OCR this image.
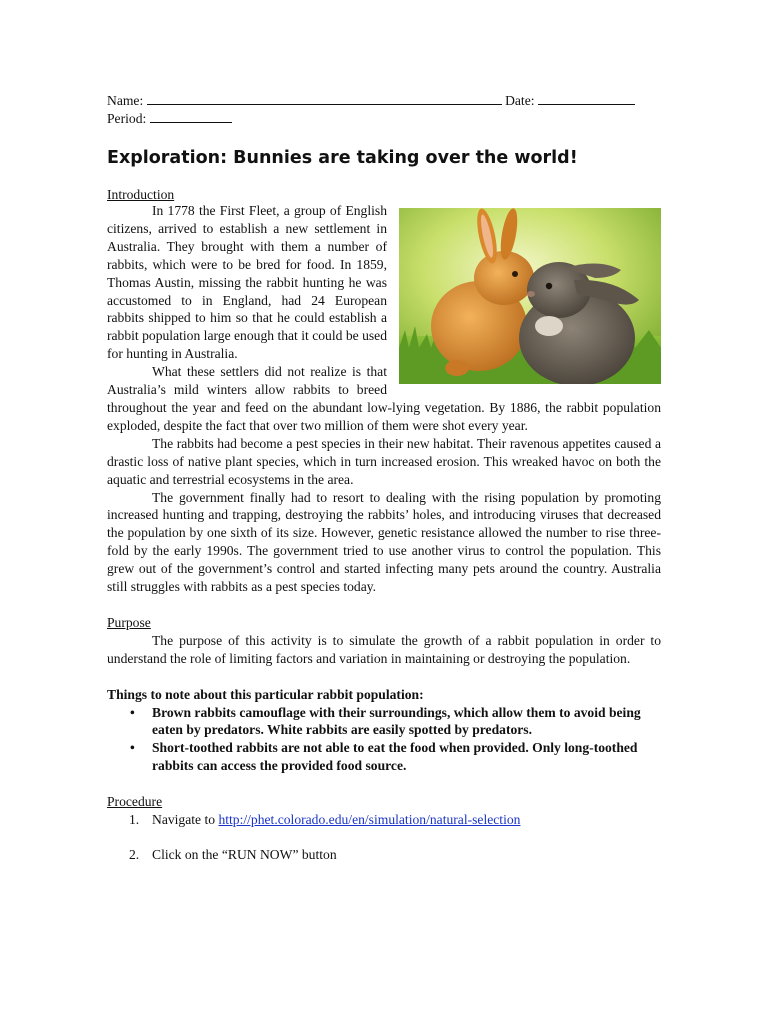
Name:	Date:
Period:
Exploration: Bunnies are taking over the world!
Introduction

In 1778 the First Fleet, a group of English citizens, arrived to establish a new settlement in Australia. They brought with them a number of rabbits, which were to be bred for food. In 1859, Thomas Austin, missing the rabbit hunting he was accustomed to in England, had 24 European rabbits shipped to him so that he could establish a rabbit population large enough that it could be used for hunting in Australia.

What these settlers did not realize is that Australia’s mild winters allow rabbits to breed throughout the year and feed on the abundant low-lying vegetation. By 1886, the rabbit population exploded, despite the fact that over two million of them were shot every year.

The rabbits had become a pest species in their new habitat. Their ravenous appetites caused a drastic loss of native plant species, which in turn increased erosion. This wreaked havoc on both the aquatic and terrestrial ecosystems in the area.

The government finally had to resort to dealing with the rising population by promoting increased hunting and trapping, destroying the rabbits’ holes, and introducing viruses that decreased the population by one sixth of its size. However, genetic resistance allowed the number to rise three-fold by the early 1990s. The government tried to use another virus to control the population. This grew out of the government’s control and started infecting many pets around the country. Australia still struggles with rabbits as a pest species today.

Purpose

The purpose of this activity is to simulate the growth of a rabbit population in order to understand the role of limiting factors and variation in maintaining or destroying the population.

Things to note about this particular rabbit population:
• Brown rabbits camouflage with their surroundings, which allow them to avoid being eaten by predators. White rabbits are easily spotted by predators.
• Short-toothed rabbits are not able to eat the food when provided. Only long-toothed rabbits can access the provided food source.
Procedure
1. Navigate to http://phet.colorado.edu/en/simulation/natural-selection
2. Click on the “RUN NOW” button
